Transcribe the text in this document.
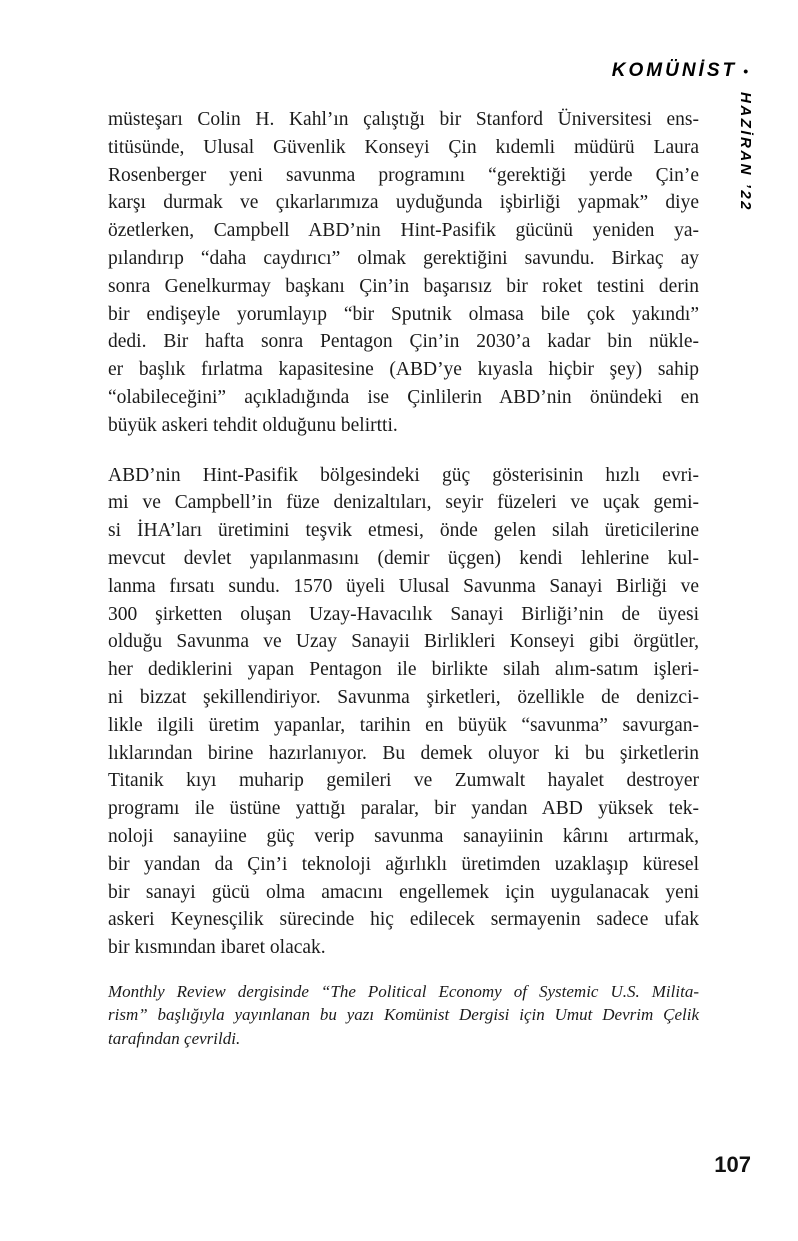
KOMÜNİST •
HAZİRAN ’22
müsteşarı Colin H. Kahl’ın çalıştığı bir Stanford Üniversitesi ens-
titüsünde, Ulusal Güvenlik Konseyi Çin kıdemli müdürü Laura
Rosenberger yeni savunma programını “gerektiği yerde Çin’e
karşı durmak ve çıkarlarımıza uyduğunda işbirliği yapmak” diye
özetlerken, Campbell ABD’nin Hint-Pasifik gücünü yeniden ya-
pılandırıp “daha caydırıcı” olmak gerektiğini savundu. Birkaç ay
sonra Genelkurmay başkanı Çin’in başarısız bir roket testini derin
bir endişeyle yorumlayıp “bir Sputnik olmasa bile çok yakındı”
dedi. Bir hafta sonra Pentagon Çin’in 2030’a kadar bin nükle-
er başlık fırlatma kapasitesine (ABD’ye kıyasla hiçbir şey) sahip
“olabileceğini” açıkladığında ise Çinlilerin ABD’nin önündeki en
büyük askeri tehdit olduğunu belirtti.
ABD’nin Hint-Pasifik bölgesindeki güç gösterisinin hızlı evri-
mi ve Campbell’in füze denizaltıları, seyir füzeleri ve uçak gemi-
si İHA’ları üretimini teşvik etmesi, önde gelen silah üreticilerine
mevcut devlet yapılanmasını (demir üçgen) kendi lehlerine kul-
lanma fırsatı sundu. 1570 üyeli Ulusal Savunma Sanayi Birliği ve
300 şirketten oluşan Uzay-Havacılık Sanayi Birliği’nin de üyesi
olduğu Savunma ve Uzay Sanayii Birlikleri Konseyi gibi örgütler,
her dediklerini yapan Pentagon ile birlikte silah alım-satım işleri-
ni bizzat şekillendiriyor. Savunma şirketleri, özellikle de denizci-
likle ilgili üretim yapanlar, tarihin en büyük “savunma” savurgan-
lıklarından birine hazırlanıyor. Bu demek oluyor ki bu şirketlerin
Titanik kıyı muharip gemileri ve Zumwalt hayalet destroyer
programı ile üstüne yattığı paralar, bir yandan ABD yüksek tek-
noloji sanayiine güç verip savunma sanayiinin kârını artırmak,
bir yandan da Çin’i teknoloji ağırlıklı üretimden uzaklaşıp küresel
bir sanayi gücü olma amacını engellemek için uygulanacak yeni
askeri Keynesçilik sürecinde hiç edilecek sermayenin sadece ufak
bir kısmından ibaret olacak.
Monthly Review dergisinde “The Political Economy of Systemic U.S. Milita-
rism” başlığıyla yayınlanan bu yazı Komünist Dergisi için Umut Devrim Çelik
tarafından çevrildi.
107
